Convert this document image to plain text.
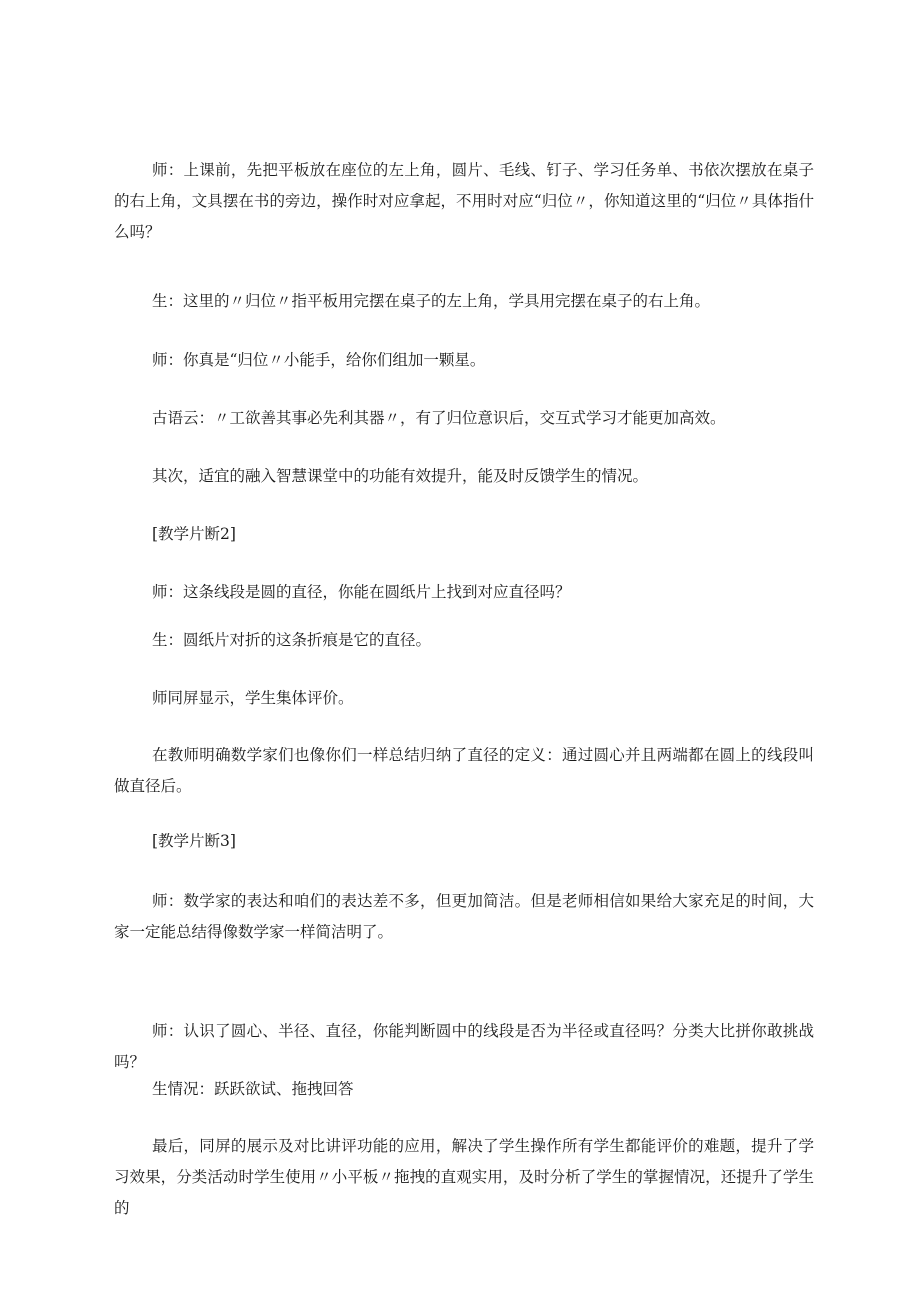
师：上课前，先把平板放在座位的左上角，圆片、毛线、钉子、学习任务单、书依次摆放在桌子的右上角，文具摆在书的旁边，操作时对应拿起，不用时对应“归位〃，你知道这里的“归位〃具体指什么吗？

生：这里的〃归位〃指平板用完摆在桌子的左上角，学具用完摆在桌子的右上角。

师：你真是“归位〃小能手，给你们组加一颗星。

古语云：〃工欲善其事必先利其器〃，有了归位意识后，交互式学习才能更加高效。

其次，适宜的融入智慧课堂中的功能有效提升，能及时反馈学生的情况。

[教学片断2]

师：这条线段是圆的直径，你能在圆纸片上找到对应直径吗？

生：圆纸片对折的这条折痕是它的直径。

师同屏显示，学生集体评价。

在教师明确数学家们也像你们一样总结归纳了直径的定义：通过圆心并且两端都在圆上的线段叫做直径后。

[教学片断3]

师：数学家的表达和咱们的表达差不多，但更加简洁。但是老师相信如果给大家充足的时间，大家一定能总结得像数学家一样简洁明了。

师：认识了圆心、半径、直径，你能判断圆中的线段是否为半径或直径吗？分类大比拼你敢挑战吗？

生情况：跃跃欲试、拖拽回答

最后，同屏的展示及对比讲评功能的应用，解决了学生操作所有学生都能评价的难题，提升了学习效果，分类活动时学生使用〃小平板〃拖拽的直观实用，及时分析了学生的掌握情况，还提升了学生的
